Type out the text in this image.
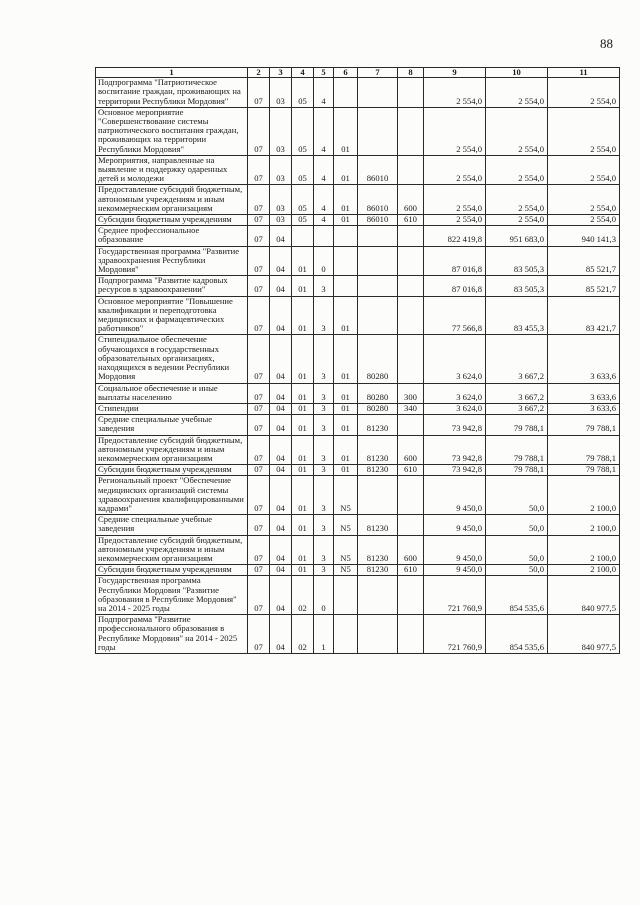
88
1	2	3	4	5	6	7	8	9	10	11
Подпрограмма "Патриотическое воспитание граждан, проживающих на территории Республики Мордовия"	07	03	05	4				2 554,0	2 554,0	2 554,0
Основное мероприятие "Совершенствование системы патриотического воспитания граждан, проживающих на территории Республики Мордовия"	07	03	05	4	01			2 554,0	2 554,0	2 554,0
Мероприятия, направленные на выявление и поддержку одаренных детей и молодежи	07	03	05	4	01	86010		2 554,0	2 554,0	2 554,0
Предоставление субсидий бюджетным, автономным учреждениям и иным некоммерческим организациям	07	03	05	4	01	86010	600	2 554,0	2 554,0	2 554,0
Субсидии бюджетным учреждениям	07	03	05	4	01	86010	610	2 554,0	2 554,0	2 554,0
Среднее профессиональное образование	07	04						822 419,8	951 683,0	940 141,3
Государственная программа "Развитие здравоохранения Республики Мордовия"	07	04	01	0				87 016,8	83 505,3	85 521,7
Подпрограмма "Развитие кадровых ресурсов в здравоохранении"	07	04	01	3				87 016,8	83 505,3	85 521,7
Основное мероприятие "Повышение квалификации и переподготовка медицинских и фармацевтических работников"	07	04	01	3	01			77 566,8	83 455,3	83 421,7
Стипендиальное обеспечение обучающихся в государственных образовательных организациях, находящихся в ведении Республики Мордовия	07	04	01	3	01	80280		3 624,0	3 667,2	3 633,6
Социальное обеспечение и иные выплаты населению	07	04	01	3	01	80280	300	3 624,0	3 667,2	3 633,6
Стипендии	07	04	01	3	01	80280	340	3 624,0	3 667,2	3 633,6
Средние специальные учебные заведения	07	04	01	3	01	81230		73 942,8	79 788,1	79 788,1
Предоставление субсидий бюджетным, автономным учреждениям и иным некоммерческим организациям	07	04	01	3	01	81230	600	73 942,8	79 788,1	79 788,1
Субсидии бюджетным учреждениям	07	04	01	3	01	81230	610	73 942,8	79 788,1	79 788,1
Региональный проект "Обеспечение медицинских организаций системы здравоохранения квалифицированными кадрами"	07	04	01	3	N5			9 450,0	50,0	2 100,0
Средние специальные учебные заведения	07	04	01	3	N5	81230		9 450,0	50,0	2 100,0
Предоставление субсидий бюджетным, автономным учреждениям и иным некоммерческим организациям	07	04	01	3	N5	81230	600	9 450,0	50,0	2 100,0
Субсидии бюджетным учреждениям	07	04	01	3	N5	81230	610	9 450,0	50,0	2 100,0
Государственная программа Республики Мордовия "Развитие образования в Республике Мордовия" на 2014 - 2025 годы	07	04	02	0				721 760,9	854 535,6	840 977,5
Подпрограмма "Развитие профессионального образования в Республике Мордовия" на 2014 - 2025 годы	07	04	02	1				721 760,9	854 535,6	840 977,5
